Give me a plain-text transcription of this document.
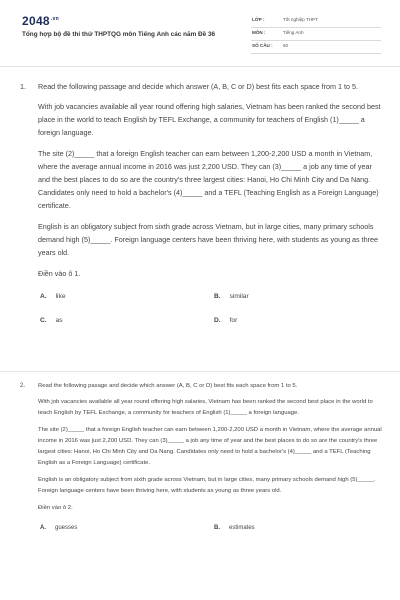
$2048^{.vn}$
Tổng hợp bộ đề thi thử THPTQG môn Tiếng Anh các năm Đề 36
LỚP :	Tốt nghiệp THPT
MÔN :	Tiếng Anh
SỐ CÂU : 50
1. Read the following passage and decide which answer (A, B, C or D) best fits each space from 1 to 5.

With job vacancies available all year round offering high salaries, Vietnam has been ranked the second best place in the world to teach English by TEFL Exchange, a community for teachers of English (1)_____ a foreign language.

The site (2)_____ that a foreign English teacher can earn between 1,200-2,200 USD a month in Vietnam, where the average annual income in 2016 was just 2,200 USD. They can (3)_____ a job any time of year and the best places to do so are the country's three largest cities: Hanoi, Ho Chi Minh City and Da Nang. Candidates only need to hold a bachelor's (4)_____ and a TEFL (Teaching English as a Foreign Language) certificate.

English is an obligatory subject from sixth grade across Vietnam, but in large cities, many primary schools demand high (5)_____. Foreign language centers have been thriving here, with students as young as three years old.

Điền vào ô 1.

A. like	B. similar
C. as	D. for
2. Read the following pasage and decide which answer (A, B, C or D) best fits each space from 1 to 5.

With job vacancies available all year round offering high salaries, Vietnam has been ranked the second best place in the world to teach English by TEFL Exchange, a community for teachers of English (1)_____ a foreign language.

The site (2)_____ that a foreign English teacher can earn between 1,200-2,200 USD a month in Vietnam, where the average annual income in 2016 was just 2,200 USD. They can (3)_____ a job any time of year and the best places to do so are the country's three largest cities: Hanoi, Ho Chi Minh City and Da Nang. Candidates only need to hold a bachelor's (4)_____ and a TEFL (Teaching English as a Foreign Language) certificate.

English is an obligatory subject from sixth grade across Vietnam, but in large cities, many primary schools demand high (5)_____. Foreign language centers have been thriving here, with students as young as three years old.

Điền vào ô 2.

A. guesses	B. estimates
